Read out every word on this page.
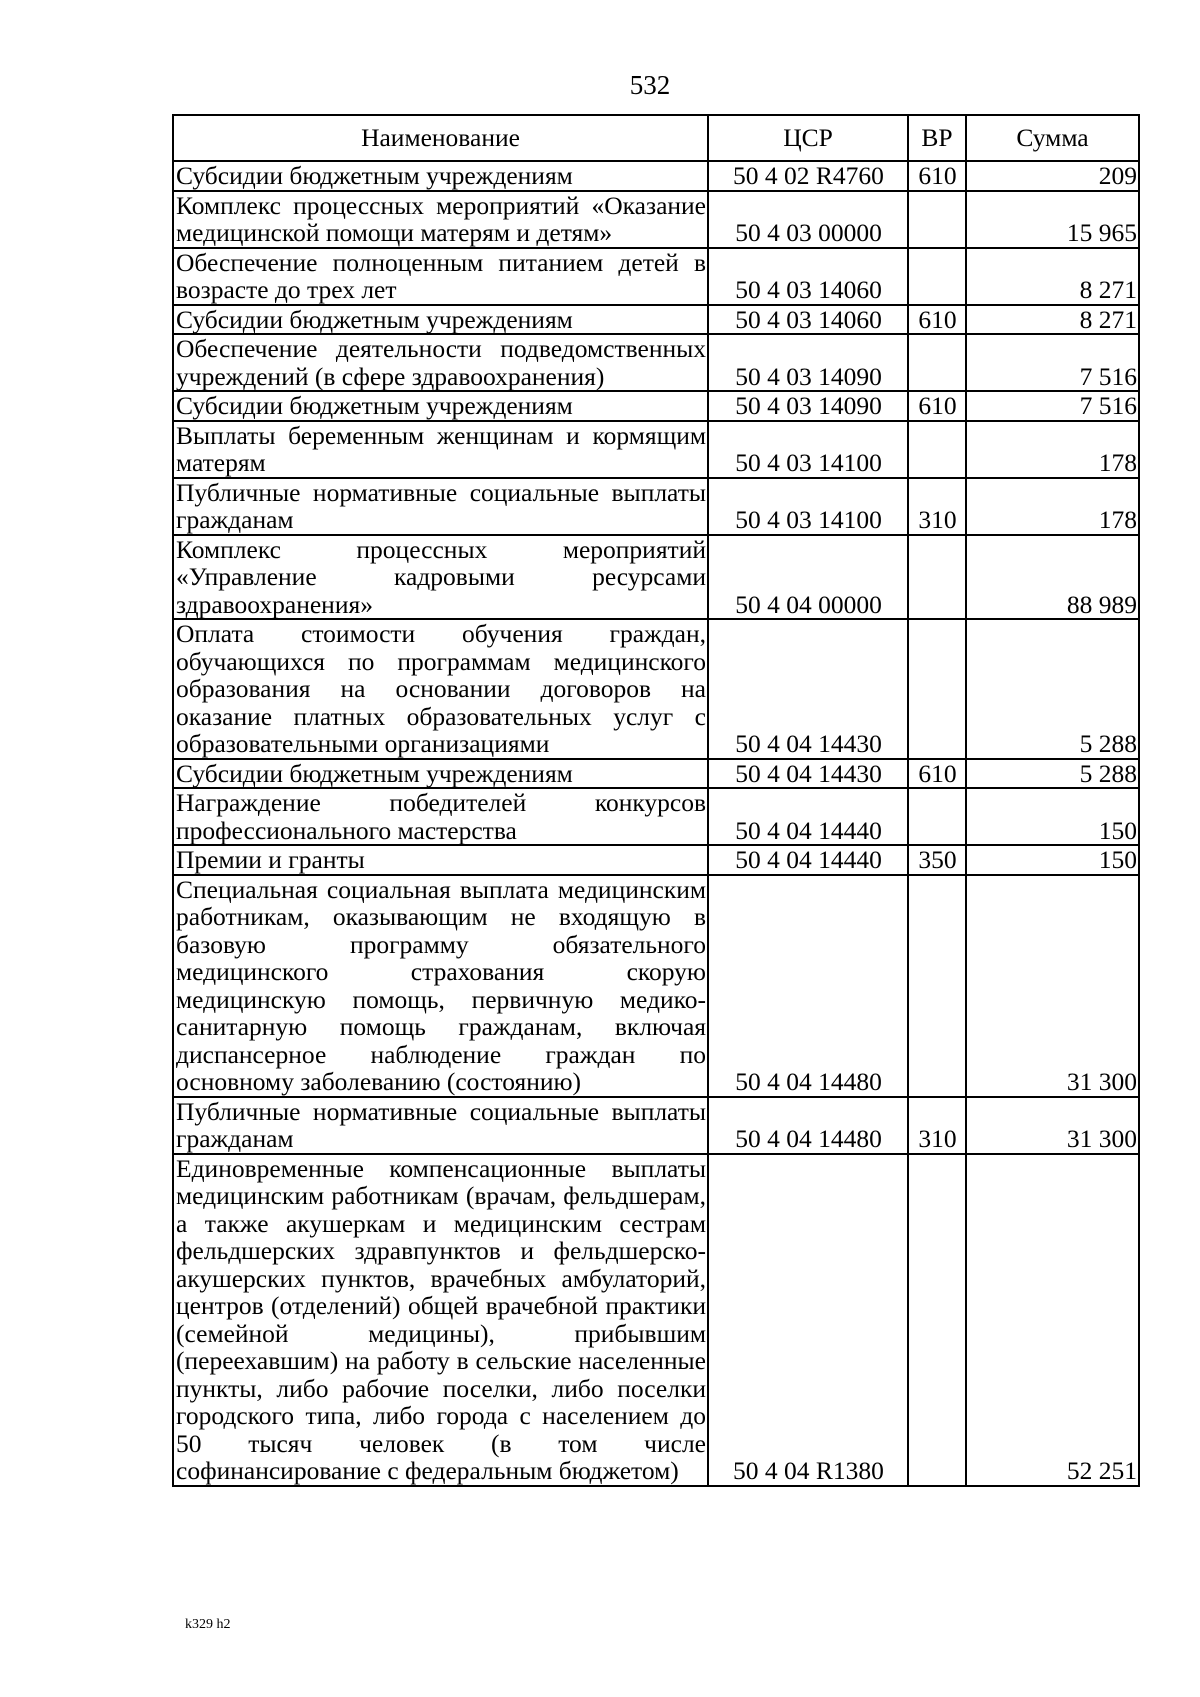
532
Наименование	ЦСР	ВР	Сумма
Субсидии бюджетным учреждениям	50 4 02 R4760	610	209
Комплекс процессных мероприятий «Оказание медицинской помощи матерям и детям»	50 4 03 00000		15 965
Обеспечение полноценным питанием детей в возрасте до трех лет	50 4 03 14060		8 271
Субсидии бюджетным учреждениям	50 4 03 14060	610	8 271
Обеспечение деятельности подведомственных учреждений (в сфере здравоохранения)	50 4 03 14090		7 516
Субсидии бюджетным учреждениям	50 4 03 14090	610	7 516
Выплаты беременным женщинам и кормящим матерям	50 4 03 14100		178
Публичные нормативные социальные выплаты гражданам	50 4 03 14100	310	178
Комплекс процессных мероприятий «Управление кадровыми ресурсами здравоохранения»	50 4 04 00000		88 989
Оплата стоимости обучения граждан, обучающихся по программам медицинского образования на основании договоров на оказание платных образовательных услуг с образовательными организациями	50 4 04 14430		5 288
Субсидии бюджетным учреждениям	50 4 04 14430	610	5 288
Награждение победителей конкурсов профессионального мастерства	50 4 04 14440		150
Премии и гранты	50 4 04 14440	350	150
Специальная социальная выплата медицинским работникам, оказывающим не входящую в базовую программу обязательного медицинского страхования скорую медицинскую помощь, первичную медико-санитарную помощь гражданам, включая диспансерное наблюдение граждан по основному заболеванию (состоянию)	50 4 04 14480		31 300
Публичные нормативные социальные выплаты гражданам	50 4 04 14480	310	31 300
Единовременные компенсационные выплаты медицинским работникам (врачам, фельдшерам, а также акушеркам и медицинским сестрам фельдшерских здравпунктов и фельдшерско-акушерских пунктов, врачебных амбулаторий, центров (отделений) общей врачебной практики (семейной медицины), прибывшим (переехавшим) на работу в сельские населенные пункты, либо рабочие поселки, либо поселки городского типа, либо города с населением до 50 тысяч человек (в том числе софинансирование с федеральным бюджетом)	50 4 04 R1380		52 251
k329 h2
